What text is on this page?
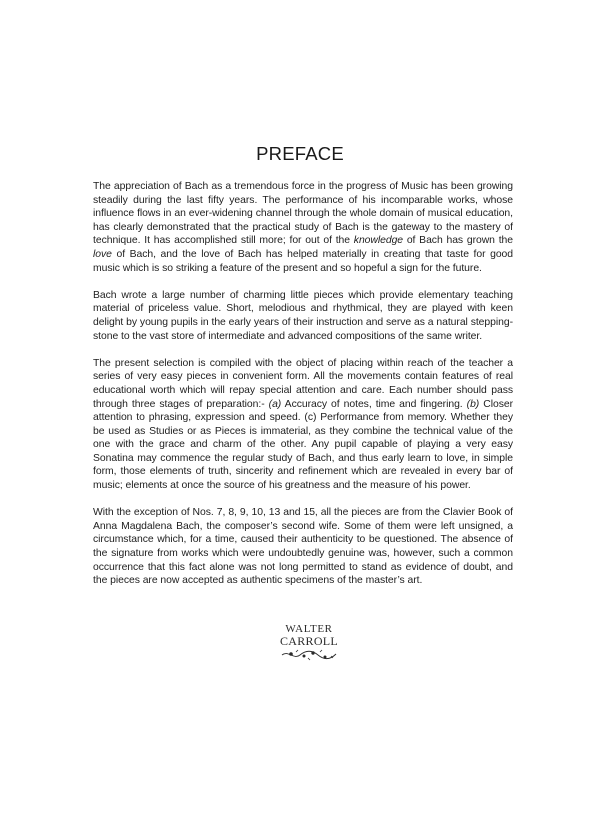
PREFACE

The appreciation of Bach as a tremendous force in the progress of Music has been growing steadily during the last fifty years. The performance of his incomparable works, whose influence flows in an ever-widening channel through the whole domain of musical education, has clearly demonstrated that the practical study of Bach is the gateway to the mastery of technique. It has accomplished still more; for out of the knowledge of Bach has grown the love of Bach, and the love of Bach has helped materially in creating that taste for good music which is so striking a feature of the present and so hopeful a sign for the future.

Bach wrote a large number of charming little pieces which provide elementary teaching material of priceless value. Short, melodious and rhythmical, they are played with keen delight by young pupils in the early years of their instruction and serve as a natural stepping-stone to the vast store of intermediate and advanced compositions of the same writer.

The present selection is compiled with the object of placing within reach of the teacher a series of very easy pieces in convenient form. All the movements contain features of real educational worth which will repay special attention and care. Each number should pass through three stages of preparation:- (a) Accuracy of notes, time and fingering. (b) Closer attention to phrasing, expression and speed. (c) Performance from memory. Whether they be used as Studies or as Pieces is immaterial, as they combine the technical value of the one with the grace and charm of the other. Any pupil capable of playing a very easy Sonatina may commence the regular study of Bach, and thus early learn to love, in simple form, those elements of truth, sincerity and refinement which are revealed in every bar of music; elements at once the source of his greatness and the measure of his power.

With the exception of Nos. 7, 8, 9, 10, 13 and 15, all the pieces are from the Clavier Book of Anna Magdalena Bach, the composer’s second wife. Some of them were left unsigned, a circumstance which, for a time, caused their authenticity to be questioned. The absence of the signature from works which were undoubtedly genuine was, however, such a common occurrence that this fact alone was not long permitted to stand as evidence of doubt, and the pieces are now accepted as authentic specimens of the master’s art.

WALTER
CARROLL
